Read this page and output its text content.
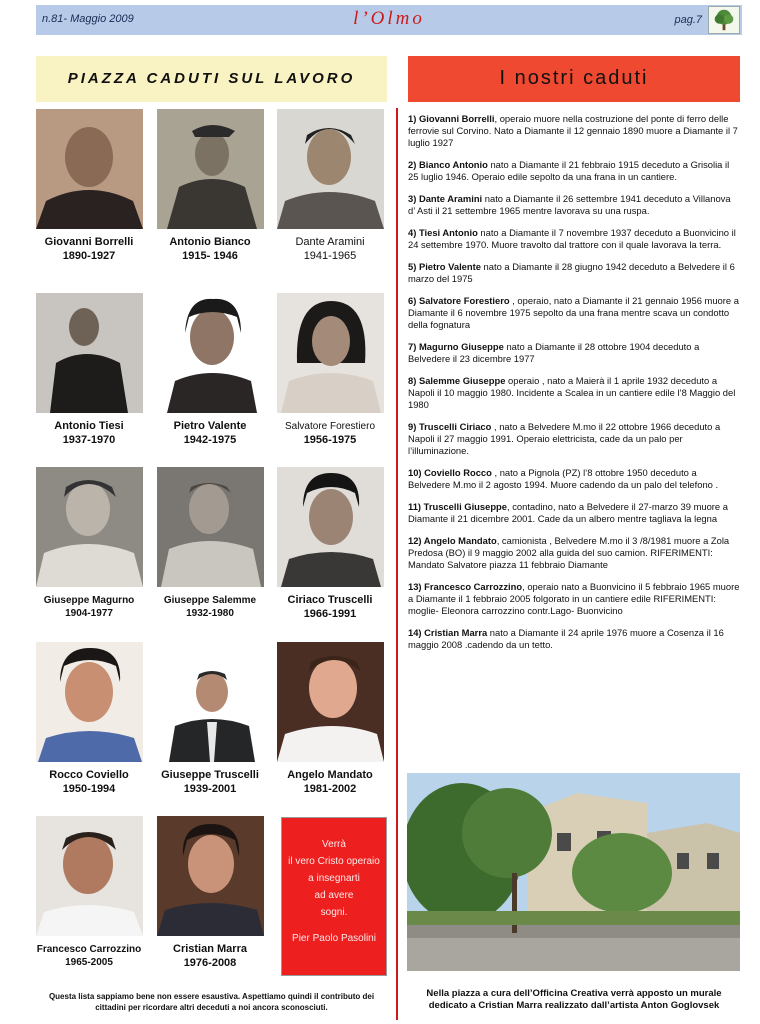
n.81- Maggio 2009	l’Olmo	pag.7
PIAZZA CADUTI SUL LAVORO	I nostri caduti
Giovanni Borrelli
1890-1927
Antonio Bianco
1915- 1946
Dante Aramini
1941-1965
Antonio Tiesi
1937-1970
Pietro Valente
1942-1975
Salvatore Forestiero
1956-1975
Giuseppe Magurno
1904-1977
Giuseppe Salemme
1932-1980
Ciriaco Truscelli
1966-1991
Rocco Coviello
1950-1994
Giuseppe Truscelli
1939-2001
Angelo Mandato
1981-2002
Francesco Carrozzino
1965-2005
Cristian Marra
1976-2008
Verrà
il vero Cristo operaio
a insegnarti
ad avere
sogni.
Pier Paolo Pasolini
Questa lista sappiamo bene non essere esaustiva. Aspettiamo quindi il contributo dei cittadini per ricordare altri deceduti a noi ancora sconosciuti.
1) Giovanni Borrelli, operaio muore nella costruzione del ponte di ferro delle ferrovie sul Corvino. Nato a Diamante il 12 gennaio 1890 muore a Diamante il 7 luglio 1927
2) Bianco Antonio nato a Diamante il 21 febbraio 1915 deceduto a Grisolia il 25 luglio 1946. Operaio edile sepolto da una frana in un cantiere.
3) Dante Aramini nato a Diamante il 26 settembre 1941 deceduto a Villanova d’ Asti il 21 settembre 1965 mentre lavorava su una ruspa.
4) Tiesi Antonio nato a Diamante il 7 novembre 1937 deceduto a Buonvicino il 24 settembre 1970. Muore travolto dal trattore con il quale lavorava la terra.
5) Pietro Valente nato a Diamante il 28 giugno 1942 deceduto a Belvedere il 6 marzo del 1975
6) Salvatore Forestiero , operaio, nato a Diamante il 21 gennaio 1956 muore a Diamante il 6 novembre 1975 sepolto da una frana mentre scava un condotto della fognatura
7) Magurno Giuseppe nato a Diamante il 28 ottobre 1904 deceduto a Belvedere il 23 dicembre 1977
8) Salemme Giuseppe operaio , nato a Maierà il 1 aprile 1932 deceduto a Napoli il 10 maggio 1980. Incidente a Scalea in un cantiere edile l’8 Maggio del 1980
9) Truscelli Ciriaco , nato a Belvedere M.mo il 22 ottobre 1966 deceduto a Napoli il 27 maggio 1991. Operaio elettricista, cade da un palo per l’illuminazione.
10) Coviello Rocco , nato a Pignola (PZ) l’8 ottobre 1950 deceduto a Belvedere M.mo il 2 agosto 1994. Muore cadendo da un palo del telefono .
11) Truscelli Giuseppe, contadino, nato a Belvedere il 27-marzo 39 muore a Diamante il 21 dicembre 2001. Cade da un albero mentre tagliava la legna
12) Angelo Mandato, camionista , Belvedere M.mo il 3 /8/1981 muore a Zola Predosa (BO) il 9 maggio 2002 alla guida del suo camion. RIFERIMENTI: Mandato Salvatore piazza 11 febbraio Diamante
13) Francesco Carrozzino, operaio nato a Buonvicino il 5 febbraio 1965 muore a Diamante il 1 febbraio 2005 folgorato in un cantiere edile RIFERIMENTI: moglie- Eleonora carrozzino contr.Lago- Buonvicino
14) Cristian Marra nato a Diamante il 24 aprile 1976 muore a Cosenza il 16 maggio 2008 .cadendo da un tetto.
Nella piazza a cura dell’Officina Creativa verrà apposto un murale dedicato a Cristian Marra realizzato dall’artista Anton Goglovsek
